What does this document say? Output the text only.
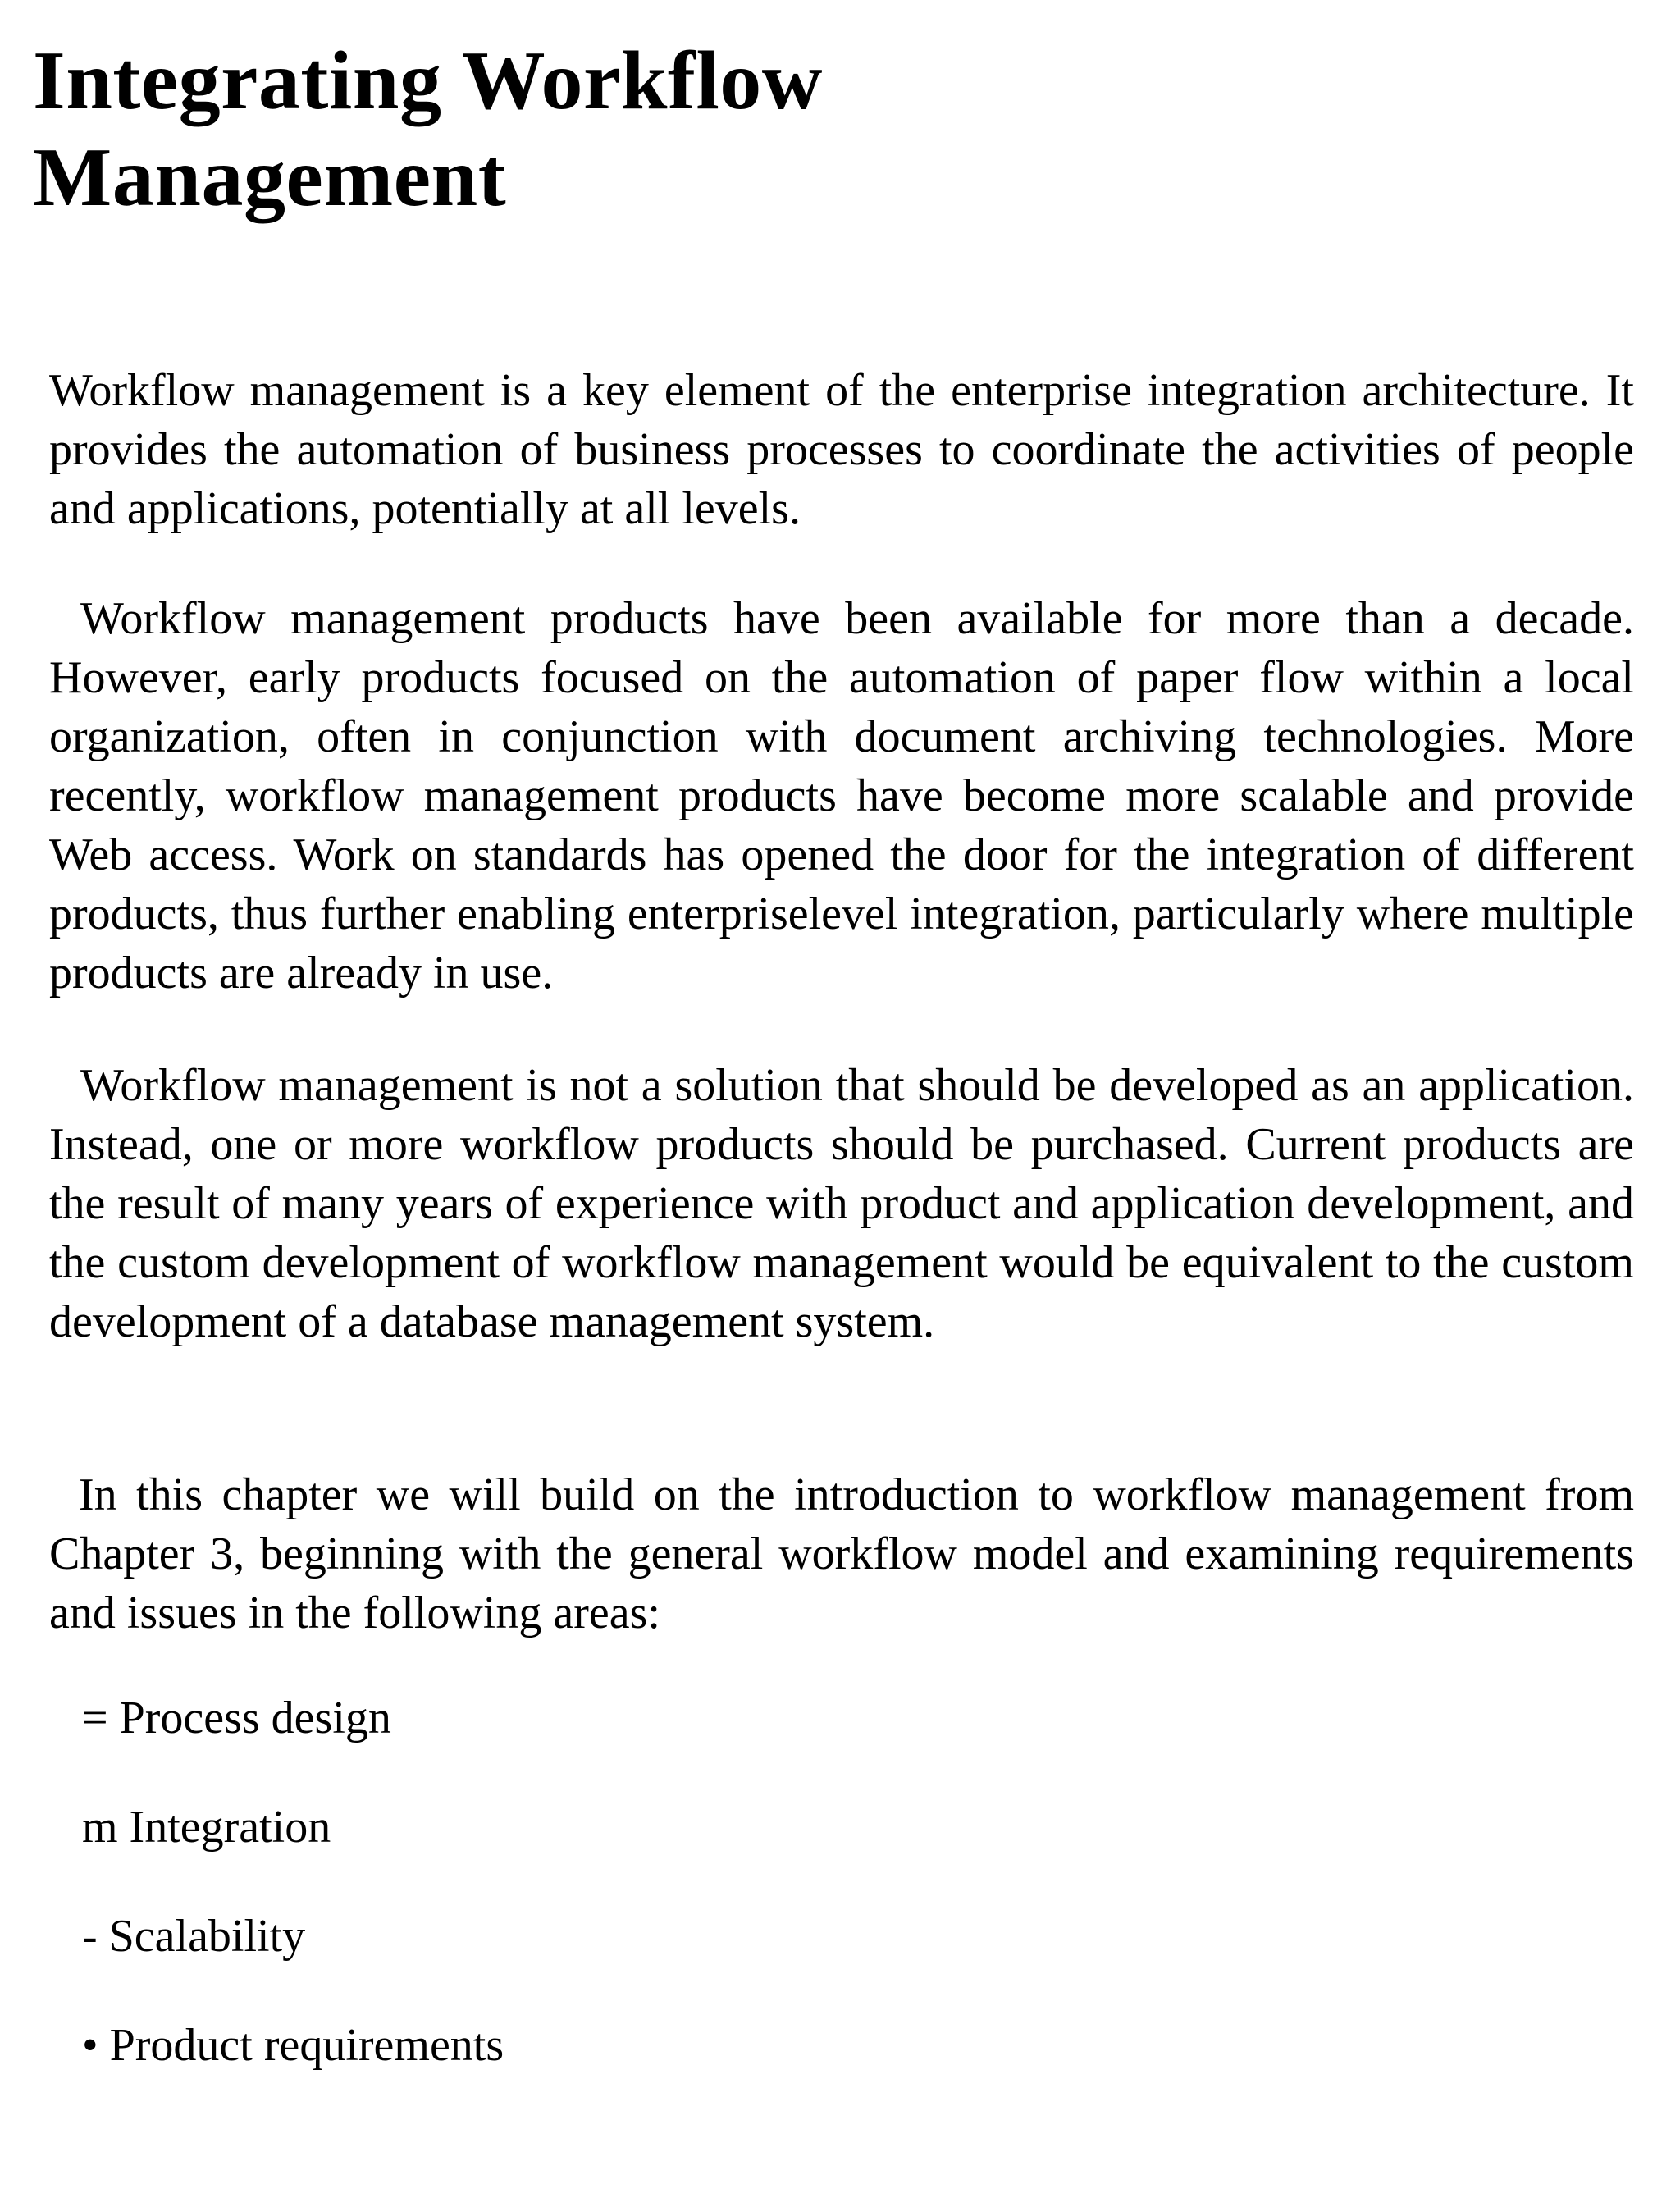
Integrating Workflow
Management

Workflow management is a key element of the enterprise integration architecture. It provides the automation of business processes to coordinate the activities of people and applications, potentially at all levels.

Workflow management products have been available for more than a decade. However, early products focused on the automation of paper flow within a local organization, often in conjunction with document archiving technologies. More recently, workflow management products have become more scalable and provide Web access. Work on standards has opened the door for the integration of different products, thus further enabling enterpriselevel integration, particularly where multiple products are already in use.

Workflow management is not a solution that should be developed as an application. Instead, one or more workflow products should be purchased. Current products are the result of many years of experience with product and application development, and the custom development of workflow management would be equivalent to the custom development of a database management system.

In this chapter we will build on the introduction to workflow management from Chapter 3, beginning with the general workflow model and examining requirements and issues in the following areas:

= Process design

m Integration

- Scalability

• Product requirements
